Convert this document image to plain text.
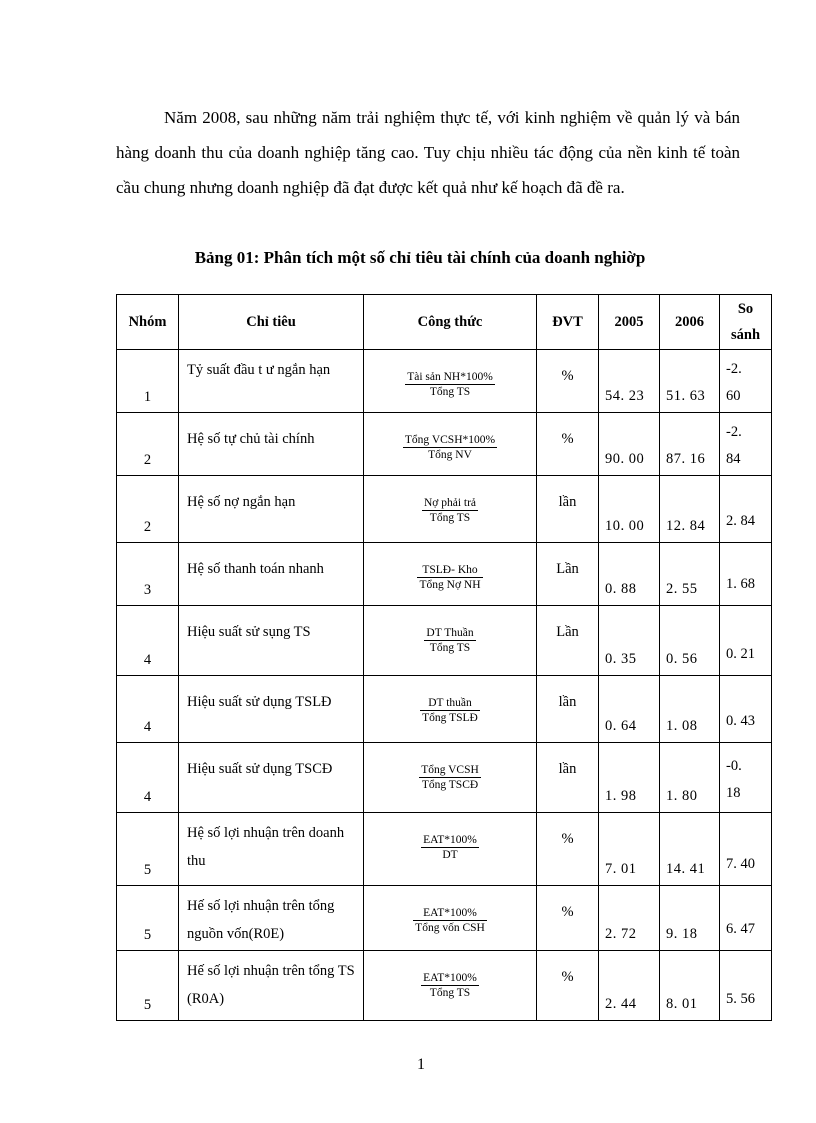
Năm 2008, sau những năm trải nghiệm thực tế, với kinh nghiệm về quản lý và bán hàng doanh thu của doanh nghiệp tăng cao. Tuy chịu nhiều tác động của nền kinh tế toàn cầu chung nhưng doanh nghiệp đã đạt được kết quả như kế hoạch đã đề ra.
Bảng 01: Phân tích một số chỉ tiêu tài chính của doanh nghiờp
Nhóm	Chỉ tiêu	Công thức	ĐVT	2005	2006	So
sánh
1	Tỷ suất đầu t ư ngắn hạn	$\frac{\text{Tài sản NH*100\%}}{\text{Tổng TS}}$	%	54. 23	51. 63	-2.
60

2	Hệ số tự chủ tài chính	$\frac{\text{Tổng VCSH*100\%}}{\text{Tổng NV}}$	%	90. 00	87. 16	-2.
84

2	Hệ số nợ ngắn hạn	$\frac{\text{Nợ phải trả}}{\text{Tổng TS}}$	lần	10. 00	12. 84	2. 84
3	Hệ số thanh toán nhanh	$\frac{\text{TSLĐ- Kho}}{\text{Tổng Nợ NH}}$	Lần	0. 88	2. 55	1. 68
4	Hiệu suất sử sụng TS	$\frac{\text{DT Thuần}}{\text{Tổng TS}}$	Lần	0. 35	0. 56	0. 21
4	Hiệu suất sử dụng TSLĐ	$\frac{\text{DT thuần}}{\text{Tổng TSLĐ}}$	lần	0. 64	1. 08	0. 43
4	Hiệu suất sử dụng TSCĐ	$\frac{\text{Tổng VCSH}}{\text{Tổng TSCĐ}}$	lần	1. 98	1. 80	-0.
18

5	Hệ số lợi nhuận trên doanh thu	$\frac{\text{EAT*100\%}}{DT}$	%	7. 01	14. 41	7. 40
5	Hế số lợi nhuận trên tổng nguồn vốn(R0E)	$\frac{\text{EAT*100\%}}{\text{Tổng vốn CSH}}$	%	2. 72	9. 18	6. 47
5	Hế số lợi nhuận trên tổng TS (R0A)	$\frac{\text{EAT*100\%}}{\text{Tổng TS}}$	%	2. 44	8. 01	5. 56
1
